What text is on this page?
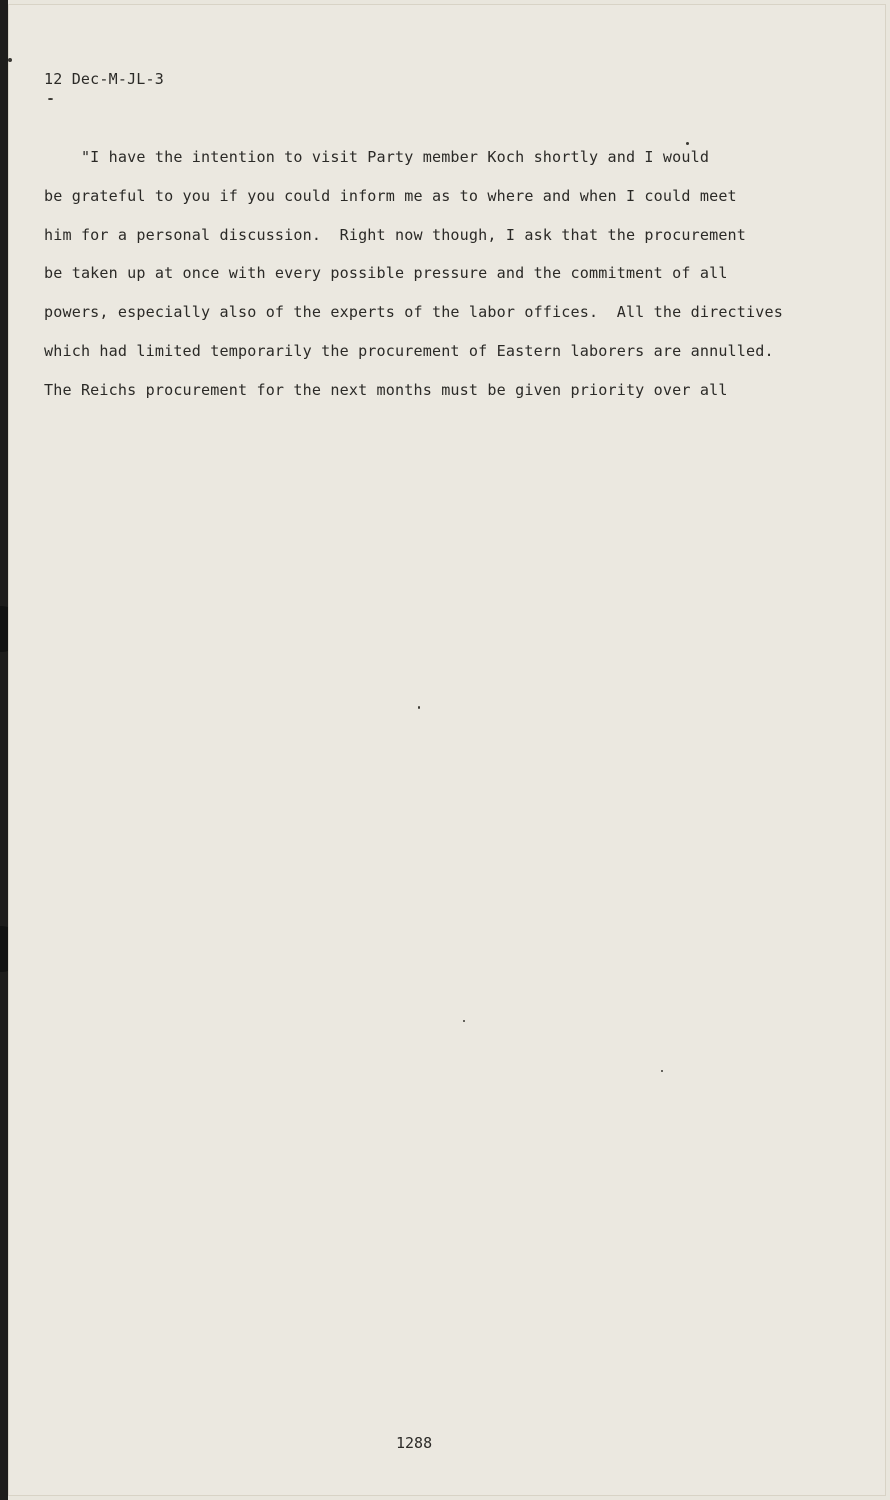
12 Dec-M-JL-3
"I have the intention to visit Party member Koch shortly and I would
be grateful to you if you could inform me as to where and when I could meet
him for a personal discussion.  Right now though, I ask that the procurement
be taken up at once with every possible pressure and the commitment of all
powers, especially also of the experts of the labor offices.  All the directives
which had limited temporarily the procurement of Eastern laborers are annulled.
The Reichs procurement for the next months must be given priority over all
1288
